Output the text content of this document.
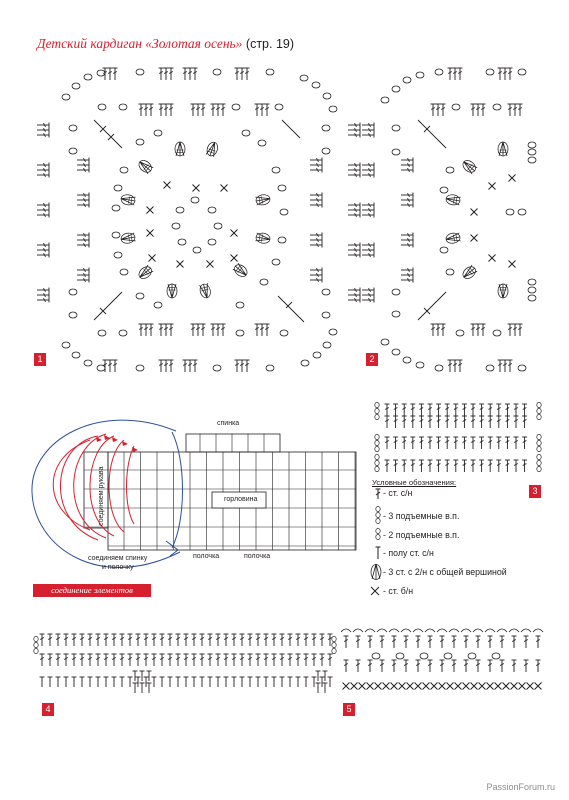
Детский кардиган «Золотая осень» (стр. 19)
1	2
3
4	5
спинка
горловина
полочка	полочка
соединяем рукава
соединяем спинку
и полочку
соединение элементов
Условные обозначения:
- ст. с/н
- 3 подъемные в.п.
- 2 подъемные в.п.
- полу ст. с/н
- 3 ст. с 2/н с общей вершиной
- ст. б/н
PassionForum.ru
